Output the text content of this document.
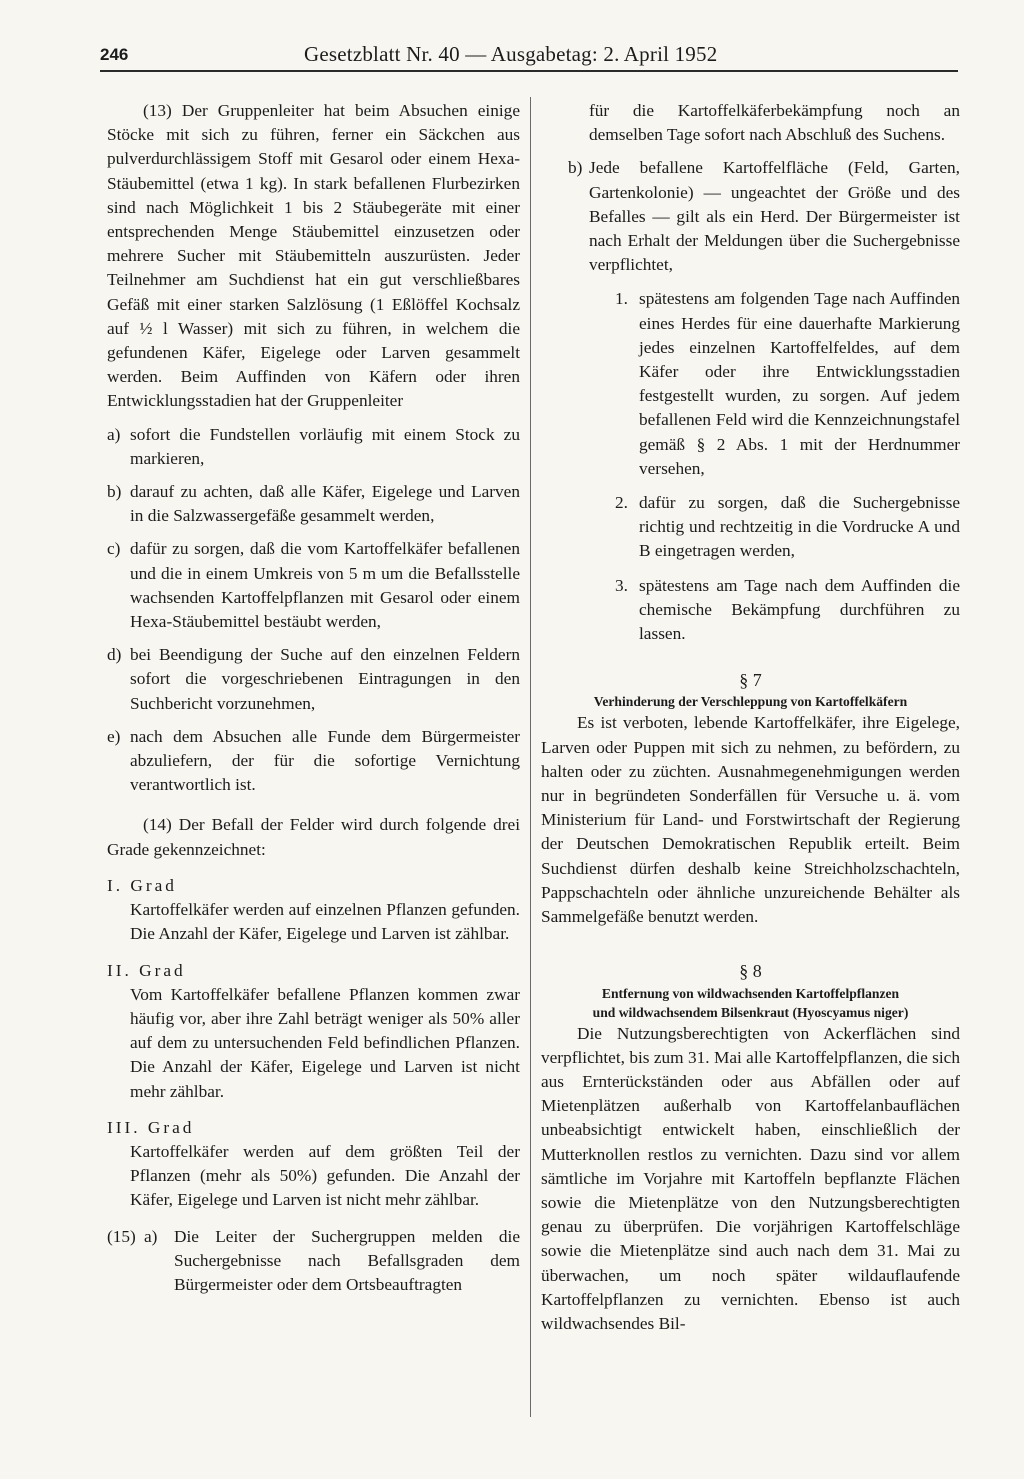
246	Gesetzblatt Nr. 40 — Ausgabetag: 2. April 1952

(13) Der Gruppenleiter hat beim Absuchen einige Stöcke mit sich zu führen, ferner ein Säckchen aus pulverdurchlässigem Stoff mit Gesarol oder einem Hexa-Stäubemittel (etwa 1 kg). In stark befallenen Flurbezirken sind nach Möglichkeit 1 bis 2 Stäubegeräte mit einer entsprechenden Menge Stäubemittel einzusetzen oder mehrere Sucher mit Stäubemitteln auszurüsten. Jeder Teilnehmer am Suchdienst hat ein gut verschließbares Gefäß mit einer starken Salzlösung (1 Eßlöffel Kochsalz auf ½ l Wasser) mit sich zu führen, in welchem die gefundenen Käfer, Eigelege oder Larven gesammelt werden. Beim Auffinden von Käfern oder ihren Entwicklungsstadien hat der Gruppenleiter

a) sofort die Fundstellen vorläufig mit einem Stock zu markieren,
b) darauf zu achten, daß alle Käfer, Eigelege und Larven in die Salzwassergefäße gesammelt werden,
c) dafür zu sorgen, daß die vom Kartoffelkäfer befallenen und die in einem Umkreis von 5 m um die Befallsstelle wachsenden Kartoffelpflanzen mit Gesarol oder einem Hexa-Stäubemittel bestäubt werden,
d) bei Beendigung der Suche auf den einzelnen Feldern sofort die vorgeschriebenen Eintragungen in den Suchbericht vorzunehmen,
e) nach dem Absuchen alle Funde dem Bürgermeister abzuliefern, der für die sofortige Vernichtung verantwortlich ist.

(14) Der Befall der Felder wird durch folgende drei Grade gekennzeichnet:

I. Grad

Kartoffelkäfer werden auf einzelnen Pflanzen gefunden. Die Anzahl der Käfer, Eigelege und Larven ist zählbar.

II. Grad

Vom Kartoffelkäfer befallene Pflanzen kommen zwar häufig vor, aber ihre Zahl beträgt weniger als 50% aller auf dem zu untersuchenden Feld befindlichen Pflanzen. Die Anzahl der Käfer, Eigelege und Larven ist nicht mehr zählbar.

III. Grad

Kartoffelkäfer werden auf dem größten Teil der Pflanzen (mehr als 50%) gefunden. Die Anzahl der Käfer, Eigelege und Larven ist nicht mehr zählbar.

(15) a) Die Leiter der Suchergruppen melden die Suchergebnisse nach Befallsgraden dem Bürgermeister oder dem Ortsbeauftragten

für die Kartoffelkäferbekämpfung noch an demselben Tage sofort nach Abschluß des Suchens.

b) Jede befallene Kartoffelfläche (Feld, Garten, Gartenkolonie) — ungeachtet der Größe und des Befalles — gilt als ein Herd. Der Bürgermeister ist nach Erhalt der Meldungen über die Suchergebnisse verpflichtet,
1. spätestens am folgenden Tage nach Auffinden eines Herdes für eine dauerhafte Markierung jedes einzelnen Kartoffelfeldes, auf dem Käfer oder ihre Entwicklungsstadien festgestellt wurden, zu sorgen. Auf jedem befallenen Feld wird die Kennzeichnungstafel gemäß § 2 Abs. 1 mit der Herdnummer versehen,
2. dafür zu sorgen, daß die Suchergebnisse richtig und rechtzeitig in die Vordrucke A und B eingetragen werden,
3. spätestens am Tage nach dem Auffinden die chemische Bekämpfung durchführen zu lassen.

§ 7

Verhinderung der Verschleppung von Kartoffelkäfern

Es ist verboten, lebende Kartoffelkäfer, ihre Eigelege, Larven oder Puppen mit sich zu nehmen, zu befördern, zu halten oder zu züchten. Ausnahmegenehmigungen werden nur in begründeten Sonderfällen für Versuche u. ä. vom Ministerium für Land- und Forstwirtschaft der Regierung der Deutschen Demokratischen Republik erteilt. Beim Suchdienst dürfen deshalb keine Streichholzschachteln, Pappschachteln oder ähnliche unzureichende Behälter als Sammelgefäße benutzt werden.

§ 8

Entfernung von wildwachsenden Kartoffelpflanzen

und wildwachsendem Bilsenkraut (Hyoscyamus niger)

Die Nutzungsberechtigten von Ackerflächen sind verpflichtet, bis zum 31. Mai alle Kartoffelpflanzen, die sich aus Ernterückständen oder aus Abfällen oder auf Mietenplätzen außerhalb von Kartoffelanbauflächen unbeabsichtigt entwickelt haben, einschließlich der Mutterknollen restlos zu vernichten. Dazu sind vor allem sämtliche im Vorjahre mit Kartoffeln bepflanzte Flächen sowie die Mietenplätze von den Nutzungsberechtigten genau zu überprüfen. Die vorjährigen Kartoffelschläge sowie die Mietenplätze sind auch nach dem 31. Mai zu überwachen, um noch später wildauflaufende Kartoffelpflanzen zu vernichten. Ebenso ist auch wildwachsendes Bil-
